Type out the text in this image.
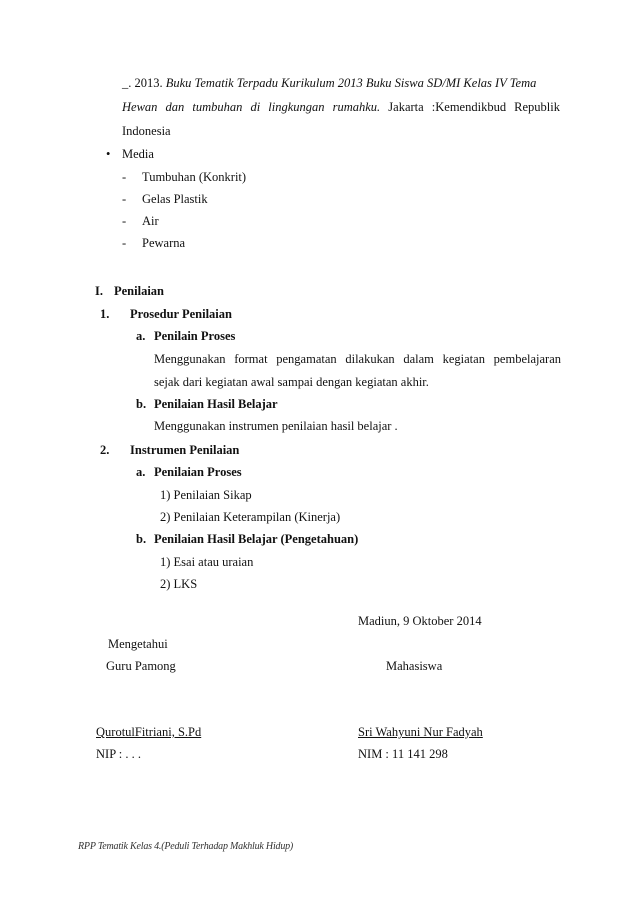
_. 2013. Buku Tematik Terpadu Kurikulum 2013 Buku Siswa SD/MI Kelas IV Tema
Hewan dan tumbuhan di lingkungan rumahku. Jakarta :Kemendikbud Republik
Indonesia
• Media
- Tumbuhan (Konkrit)
- Gelas Plastik
- Air
- Pewarna
I. Penilaian
1. Prosedur Penilaian
a. Penilain Proses
Menggunakan format pengamatan dilakukan dalam kegiatan pembelajaran
sejak dari kegiatan awal sampai dengan kegiatan akhir.
b. Penilaian Hasil Belajar
Menggunakan instrumen penilaian hasil belajar .
2. Instrumen Penilaian
a. Penilaian Proses
1) Penilaian Sikap
2) Penilaian Keterampilan (Kinerja)
b. Penilaian Hasil Belajar (Pengetahuan)
1) Esai atau uraian
2) LKS
Madiun, 9 Oktober 2014
Mengetahui
Guru Pamong	Mahasiswa
QurotulFitriani, S.Pd	Sri Wahyuni Nur Fadyah
NIP : . . .	NIM : 11 141 298
RPP Tematik Kelas 4.(Peduli Terhadap Makhluk Hidup)
